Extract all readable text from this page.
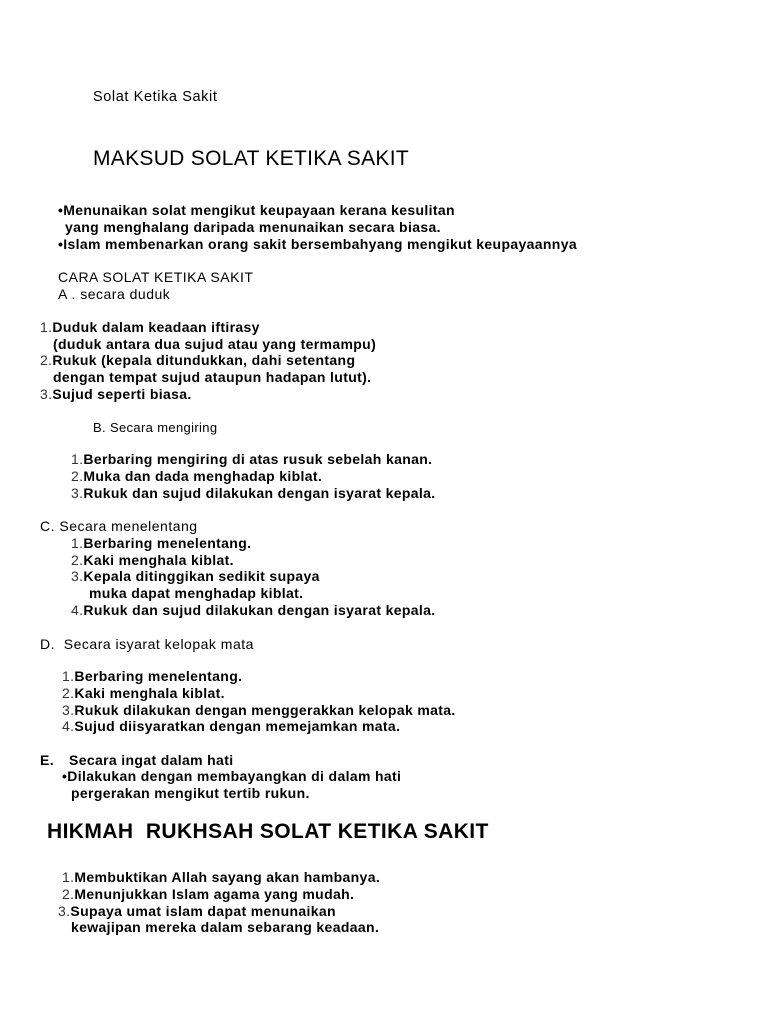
Solat Ketika Sakit
MAKSUD SOLAT KETIKA SAKIT
•Menunaikan solat mengikut keupayaan kerana kesulitan
yang menghalang daripada menunaikan secara biasa.
•Islam membenarkan orang sakit bersembahyang mengikut keupayaannya
CARA SOLAT KETIKA SAKIT
A . secara duduk
1.Duduk dalam keadaan iftirasy
(duduk antara dua sujud atau yang termampu)
2.Rukuk (kepala ditundukkan, dahi setentang
dengan tempat sujud ataupun hadapan lutut).
3.Sujud seperti biasa.
B. Secara mengiring
1.Berbaring mengiring di atas rusuk sebelah kanan.
2.Muka dan dada menghadap kiblat.
3.Rukuk dan sujud dilakukan dengan isyarat kepala.
C. Secara menelentang
1.Berbaring menelentang.
2.Kaki menghala kiblat.
3.Kepala ditinggikan sedikit supaya
muka dapat menghadap kiblat.
4.Rukuk dan sujud dilakukan dengan isyarat kepala.
D.  Secara isyarat kelopak mata
1.Berbaring menelentang.
2.Kaki menghala kiblat.
3.Rukuk dilakukan dengan menggerakkan kelopak mata.
4.Sujud diisyaratkan dengan memejamkan mata.
E. Secara ingat dalam hati
•Dilakukan dengan membayangkan di dalam hati
pergerakan mengikut tertib rukun.
HIKMAH  RUKHSAH SOLAT KETIKA SAKIT
1.Membuktikan Allah sayang akan hambanya.
2.Menunjukkan Islam agama yang mudah.
3.Supaya umat islam dapat menunaikan
kewajipan mereka dalam sebarang keadaan.
